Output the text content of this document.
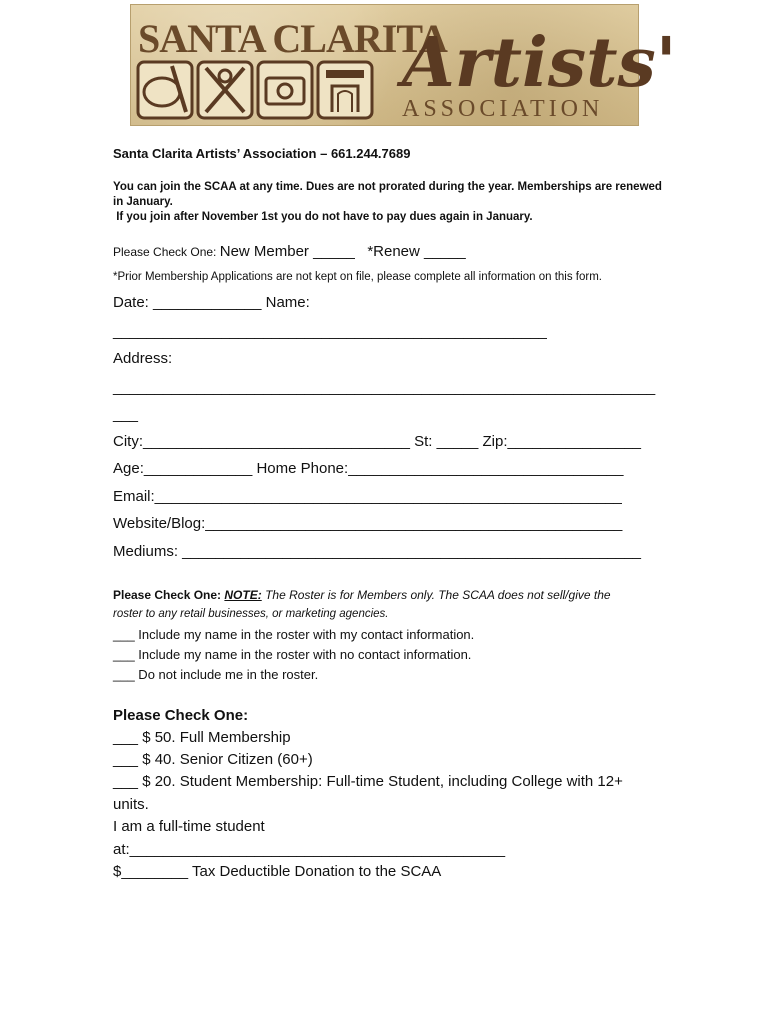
SANTA CLARITA
Artists'
ASSOCIATION
Santa Clarita Artists’ Association – 661.244.7689
You can join the SCAA at any time. Dues are not prorated during the year. Memberships are renewed in January.
If you join after November 1st you do not have to pay dues again in January.
Please Check One: New Member _____ *Renew _____
*Prior Membership Applications are not kept on file, please complete all information on this form.
Date: _____________ Name:
____________________________________________________
Address:
_________________________________________________________________
___
City:________________________________ St: _____ Zip:________________
Age:_____________ Home Phone:_________________________________
Email:________________________________________________________
Website/Blog:__________________________________________________
Mediums: _______________________________________________________
Please Check One: NOTE: The Roster is for Members only. The SCAA does not sell/give the
roster to any retail businesses, or marketing agencies.
___ Include my name in the roster with my contact information.
___ Include my name in the roster with no contact information.
___ Do not include me in the roster.
Please Check One:
___ $ 50. Full Membership
___ $ 40. Senior Citizen (60+)
___ $ 20. Student Membership: Full-time Student, including College with 12+
units.
I am a full-time student
at:_____________________________________________
$________ Tax Deductible Donation to the SCAA
